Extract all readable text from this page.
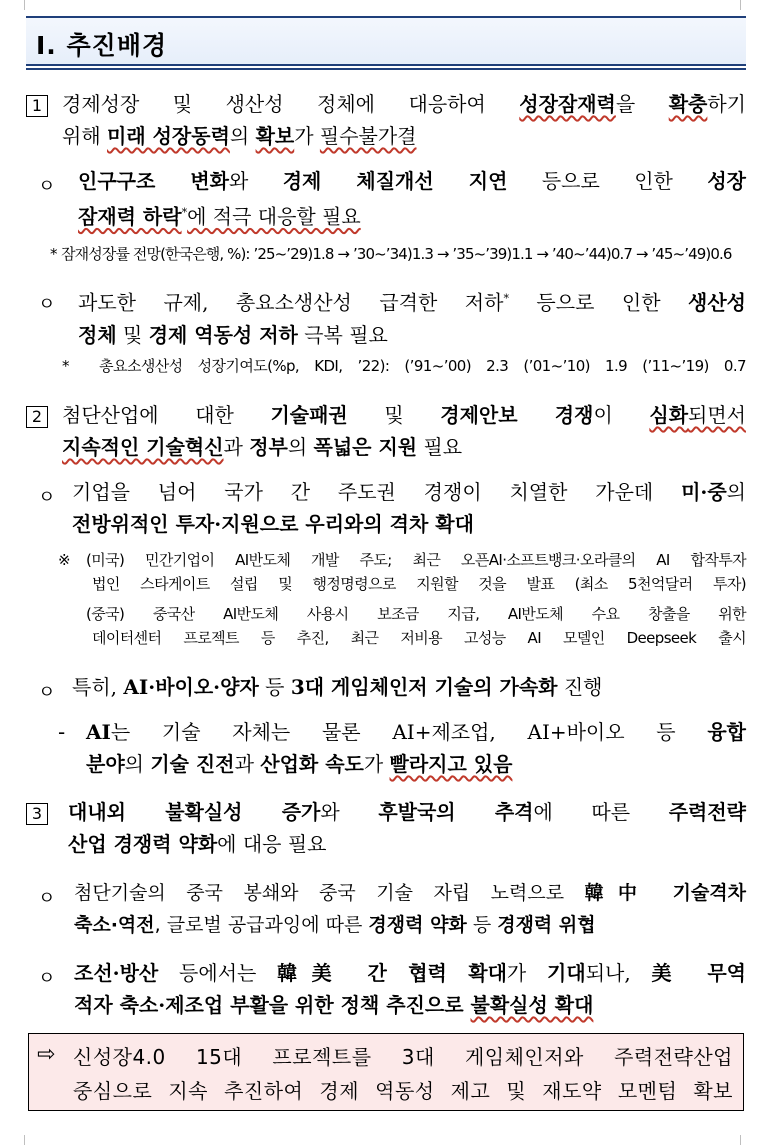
Ⅰ. 추진배경
1 경제성장 및 생산성 정체에 대응하여 성장잠재력을 확충하기
위해 미래 성장동력의 확보가 필수불가결
ㅇ 인구구조 변화와 경제 체질개선 지연 등으로 인한 성장
잠재력 하락*에 적극 대응할 필요
* 잠재성장률 전망(한국은행, %): ’25~’29)1.8 → ’30~’34)1.3 → ’35~’39)1.1 → ’40~’44)0.7 → ’45~’49)0.6
ㅇ 과도한 규제, 총요소생산성 급격한 저하* 등으로 인한 생산성
정체 및 경제 역동성 저하 극복 필요
* 총요소생산성 성장기여도(%p, KDI, ’22): (’91~’00) 2.3 (’01~’10) 1.9 (’11~’19) 0.7
2 첨단산업에 대한 기술패권 및 경제안보 경쟁이 심화되면서
지속적인 기술혁신과 정부의 폭넓은 지원 필요
ㅇ 기업을 넘어 국가 간 주도권 경쟁이 치열한 가운데 미·중의
전방위적인 투자·지원으로 우리와의 격차 확대
※ (미국) 민간기업이 AI반도체 개발 주도; 최근 오픈AI·소프트뱅크·오라클의 AI 합작투자
법인 스타게이트 설립 및 행정명령으로 지원할 것을 발표 (최소 5천억달러 투자)
(중국) 중국산 AI반도체 사용시 보조금 지급, AI반도체 수요 창출을 위한
데이터센터 프로젝트 등 추진, 최근 저비용 고성능 AI 모델인 Deepseek 출시
ㅇ 특히, AI·바이오·양자 등 3대 게임체인저 기술의 가속화 진행
- AI는 기술 자체는 물론 AI+제조업, AI+바이오 등 융합
분야의 기술 진전과 산업화 속도가 빨라지고 있음
3 대내외 불확실성 증가와 후발국의 추격에 따른 주력전략
산업 경쟁력 약화에 대응 필요
ㅇ 첨단기술의 중국 봉쇄와 중국 기술 자립 노력으로 韓中 기술격차
축소·역전, 글로벌 공급과잉에 따른 경쟁력 약화 등 경쟁력 위협
ㅇ 조선·방산 등에서는 韓美 간 협력 확대가 기대되나, 美 무역
적자 축소·제조업 부활을 위한 정책 추진으로 불확실성 확대
⇨ 신성장4.0 15대 프로젝트를 3대 게임체인저와 주력전략산업
중심으로 지속 추진하여 경제 역동성 제고 및 재도약 모멘텀 확보
